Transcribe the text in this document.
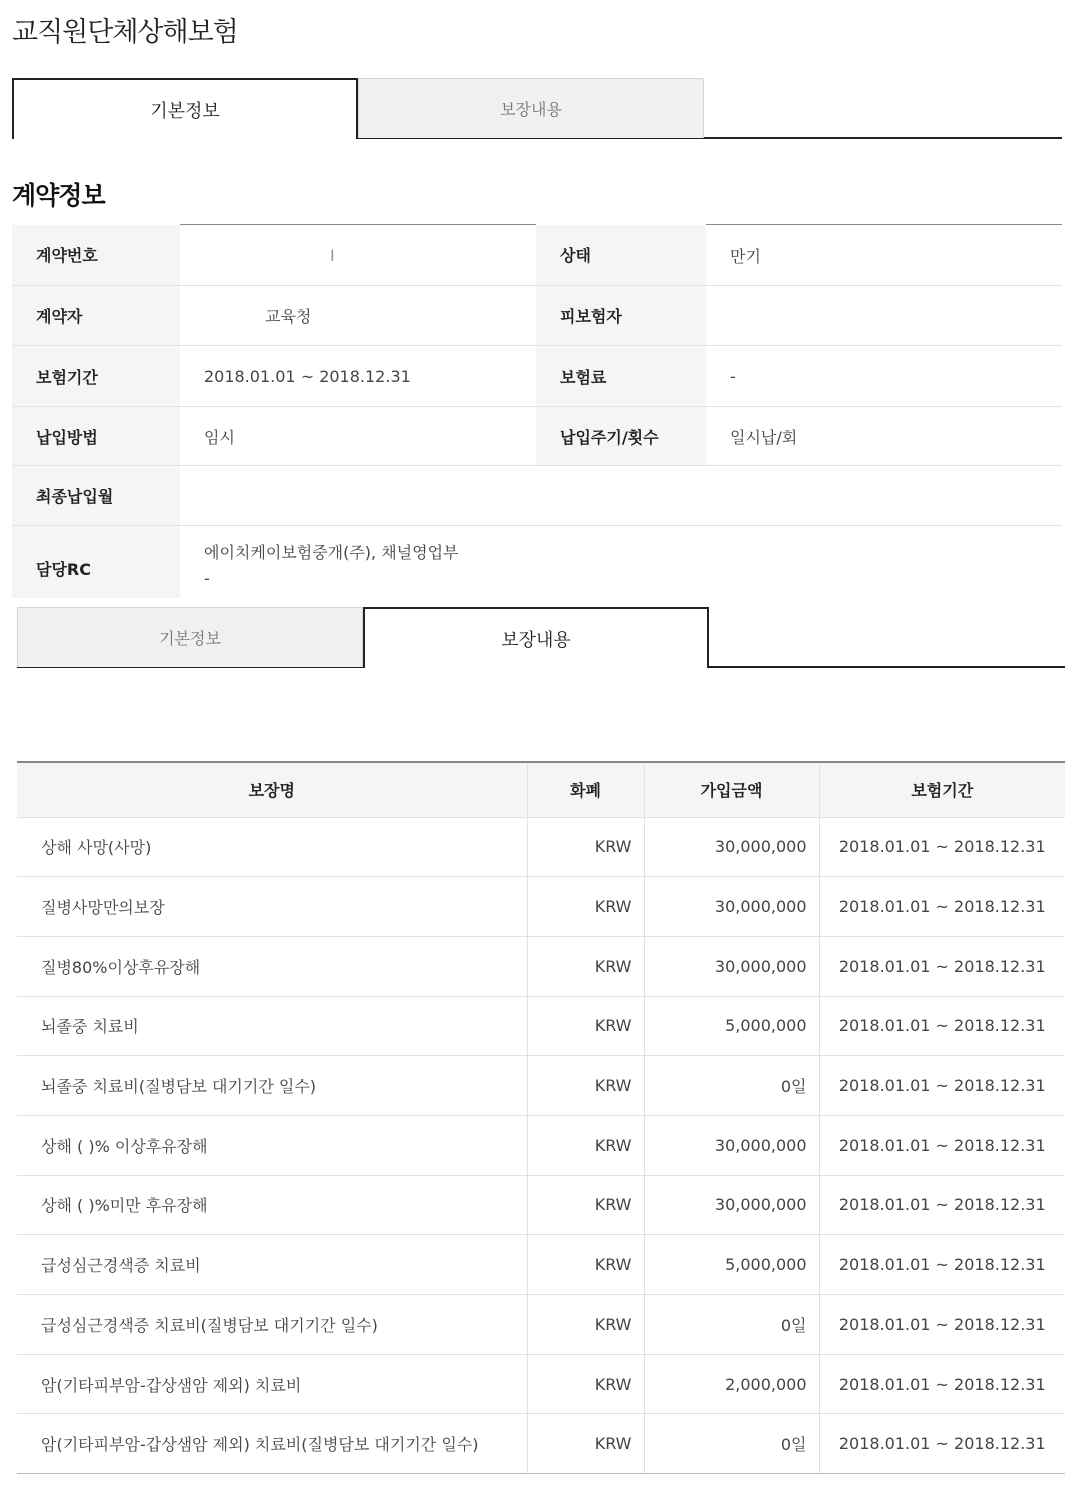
교직원단체상해보험
기본정보	보장내용
계약정보
계약번호	I	상태	만기
계약자	교육청	피보험자	
보험기간	2018.01.01 ~ 2018.12.31	보험료	-
납입방법	임시	납입주기/횟수	일시납/회
최종납입월			
담당RC	에이치케이보험중개(주), 채널영업부
-		
기본정보	보장내용
보장명	화폐	가입금액	보험기간
상해 사망(사망)	KRW	30,000,000	2018.01.01 ~ 2018.12.31
질병사망만의보장	KRW	30,000,000	2018.01.01 ~ 2018.12.31
질병80%이상후유장해	KRW	30,000,000	2018.01.01 ~ 2018.12.31
뇌졸중 치료비	KRW	5,000,000	2018.01.01 ~ 2018.12.31
뇌졸중 치료비(질병담보 대기기간 일수)	KRW	0일	2018.01.01 ~ 2018.12.31
상해 ( )% 이상후유장해	KRW	30,000,000	2018.01.01 ~ 2018.12.31
상해 ( )%미만 후유장해	KRW	30,000,000	2018.01.01 ~ 2018.12.31
급성심근경색증 치료비	KRW	5,000,000	2018.01.01 ~ 2018.12.31
급성심근경색증 치료비(질병담보 대기기간 일수)	KRW	0일	2018.01.01 ~ 2018.12.31
암(기타피부암-갑상샘암 제외) 치료비	KRW	2,000,000	2018.01.01 ~ 2018.12.31
암(기타피부암-갑상샘암 제외) 치료비(질병담보 대기기간 일수)	KRW	0일	2018.01.01 ~ 2018.12.31
